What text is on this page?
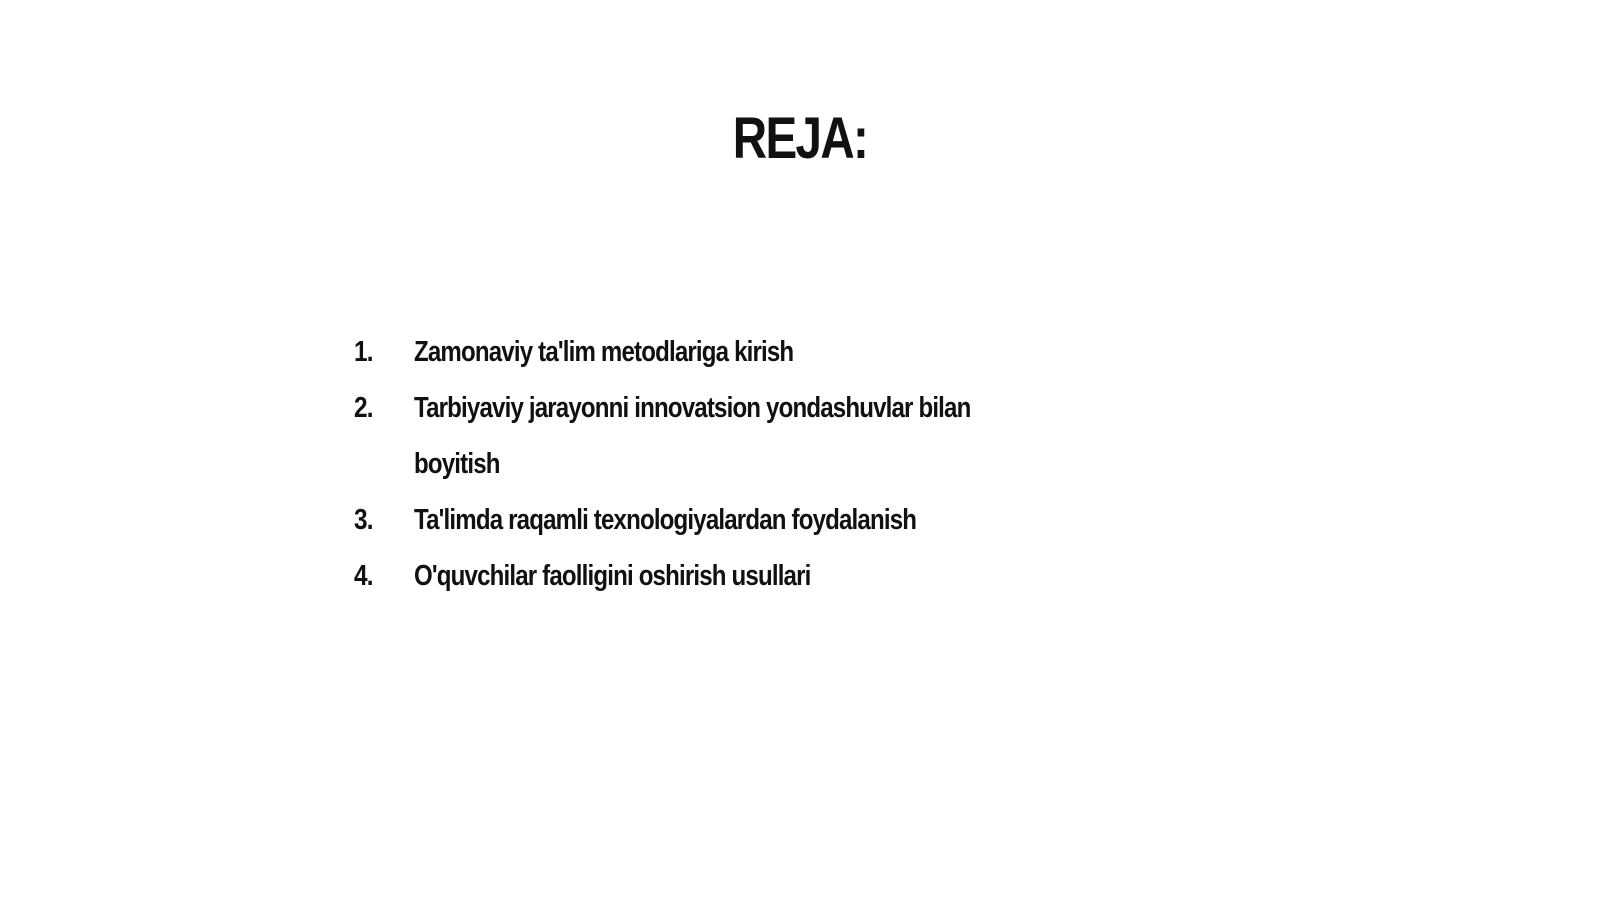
REJA:
1.	Zamonaviy ta'lim metodlariga kirish
2.	Tarbiyaviy jarayonni innovatsion yondashuvlar bilan boyitish
3.	Ta'limda raqamli texnologiyalardan foydalanish
4.	O'quvchilar faolligini oshirish usullari
